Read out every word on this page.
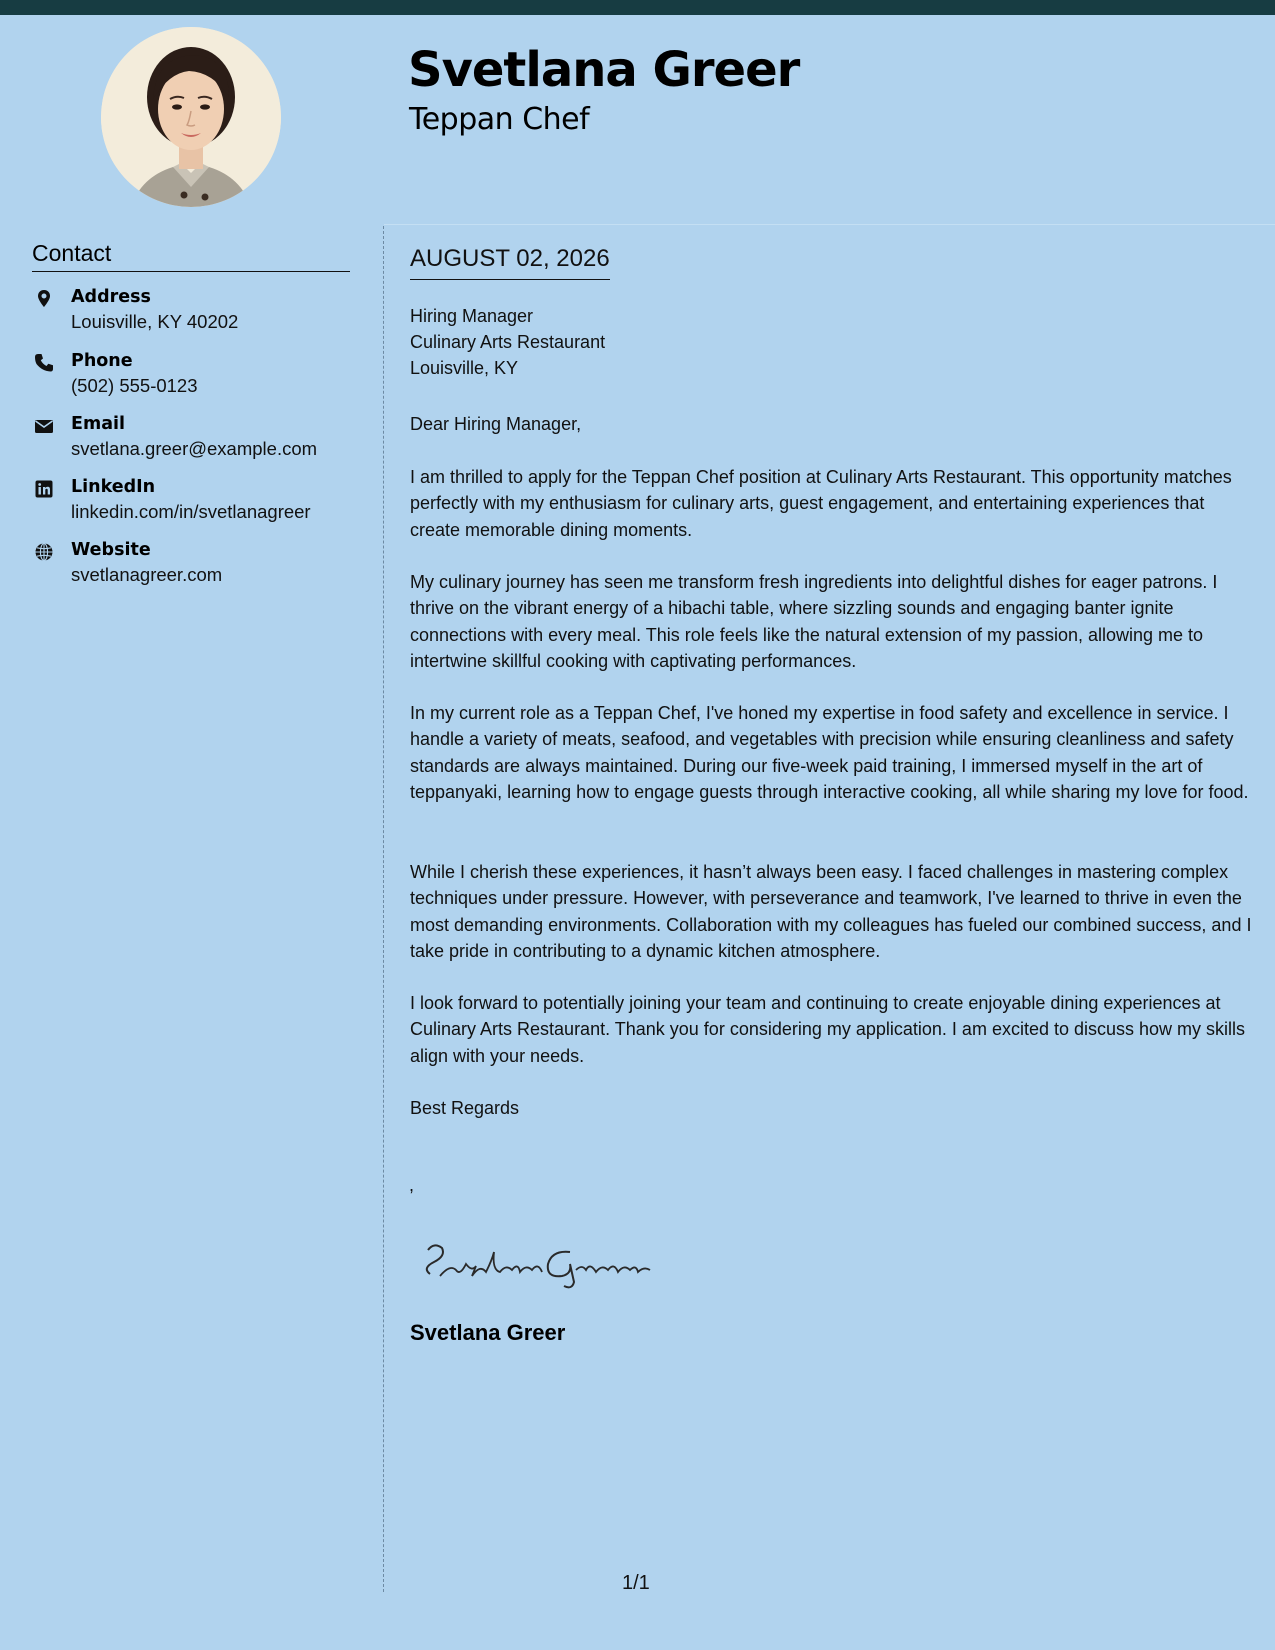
Svetlana Greer
Teppan Chef
Contact
Address
Louisville, KY 40202
Phone
(502) 555-0123
Email
svetlana.greer@example.com
LinkedIn
linkedin.com/in/svetlanagreer
Website
svetlanagreer.com
AUGUST 02, 2026
Hiring Manager
Culinary Arts Restaurant
Louisville, KY
Dear Hiring Manager,

I am thrilled to apply for the Teppan Chef position at Culinary Arts Restaurant. This opportunity matches perfectly with my enthusiasm for culinary arts, guest engagement, and entertaining experiences that create memorable dining moments.

My culinary journey has seen me transform fresh ingredients into delightful dishes for eager patrons. I thrive on the vibrant energy of a hibachi table, where sizzling sounds and engaging banter ignite connections with every meal. This role feels like the natural extension of my passion, allowing me to intertwine skillful cooking with captivating performances.

In my current role as a Teppan Chef, I've honed my expertise in food safety and excellence in service. I handle a variety of meats, seafood, and vegetables with precision while ensuring cleanliness and safety standards are always maintained. During our five-week paid training, I immersed myself in the art of teppanyaki, learning how to engage guests through interactive cooking, all while sharing my love for food.

While I cherish these experiences, it hasn’t always been easy. I faced challenges in mastering complex techniques under pressure. However, with perseverance and teamwork, I've learned to thrive in even the most demanding environments. Collaboration with my colleagues has fueled our combined success, and I take pride in contributing to a dynamic kitchen atmosphere.

I look forward to potentially joining your team and continuing to create enjoyable dining experiences at Culinary Arts Restaurant. Thank you for considering my application. I am excited to discuss how my skills align with your needs.

Best Regards
,
Svetlana Greer
1/1
